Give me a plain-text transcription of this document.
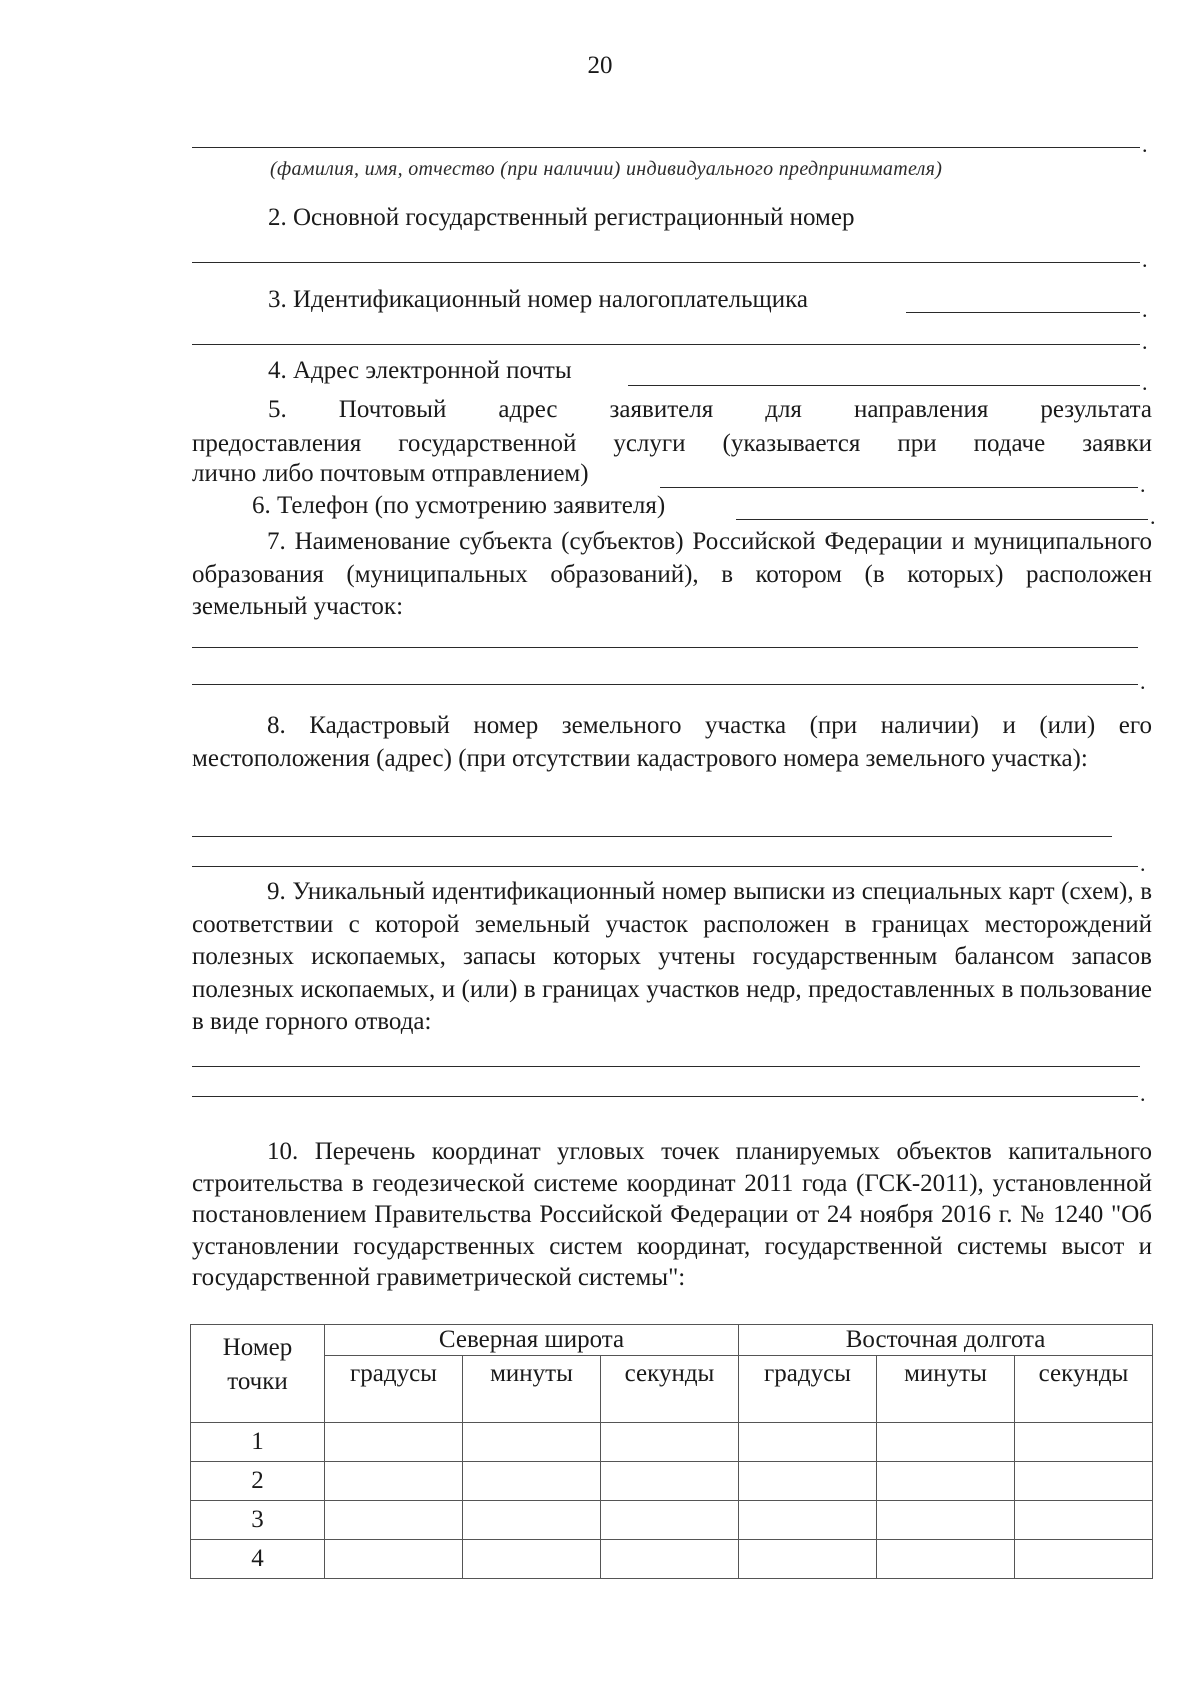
20
.
(фамилия, имя, отчество (при наличии) индивидуального предпринимателя)
2. Основной государственный регистрационный номер
.
3. Идентификационный номер налогоплательщика	.
.
4. Адрес электронной почты	.
5. Почтовый адрес заявителя для направления результата
предоставления государственной услуги (указывается при подаче заявки
лично либо почтовым отправлением)	.
6. Телефон (по усмотрению заявителя)	.
7. Наименование субъекта (субъектов) Российской Федерации и муниципального образования (муниципальных образований), в котором (в которых) расположен земельный участок:
.
8. Кадастровый номер земельного участка (при наличии) и (или) его местоположения (адрес) (при отсутствии кадастрового номера земельного участка):
.
9. Уникальный идентификационный номер выписки из специальных карт (схем), в соответствии с которой земельный участок расположен в границах месторождений полезных ископаемых, запасы которых учтены государственным балансом запасов полезных ископаемых, и (или) в границах участков недр, предоставленных в пользование в виде горного отвода:
.
10. Перечень координат угловых точек планируемых объектов капитального строительства в геодезической системе координат 2011 года (ГСК-2011), установленной постановлением Правительства Российской Федерации от 24 ноября 2016 г. № 1240 "Об установлении государственных систем координат, государственной системы высот и государственной гравиметрической системы":
Номер точки	Северная широта			Восточная долгота		
	градусы	минуты	секунды	градусы	минуты	секунды
1						
2						
3						
4						
